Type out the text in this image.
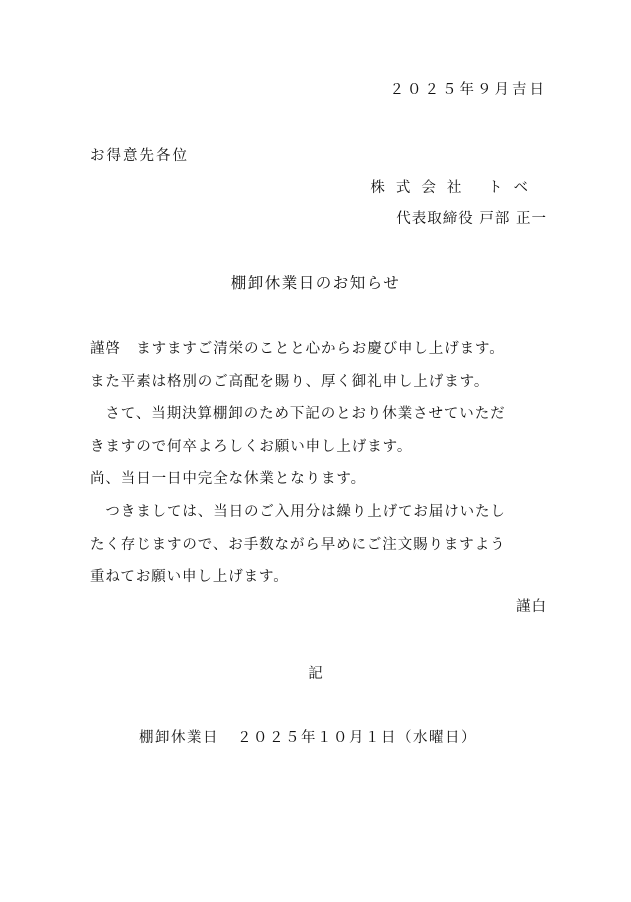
２０２５年９月吉日
お得意先各位
株式会社 トベ
代表取締役 戸部 正一
棚卸休業日のお知らせ
謹啓　ますますご清栄のことと心からお慶び申し上げます。
また平素は格別のご高配を賜り、厚く御礼申し上げます。
　さて、当期決算棚卸のため下記のとおり休業させていただ
きますので何卒よろしくお願い申し上げます。
尚、当日一日中完全な休業となります。
　つきましては、当日のご入用分は繰り上げてお届けいたし
たく存じますので、お手数ながら早めにご注文賜りますよう
重ねてお願い申し上げます。
謹白
記
棚卸休業日 ２０２５年１０月１日（水曜日）
